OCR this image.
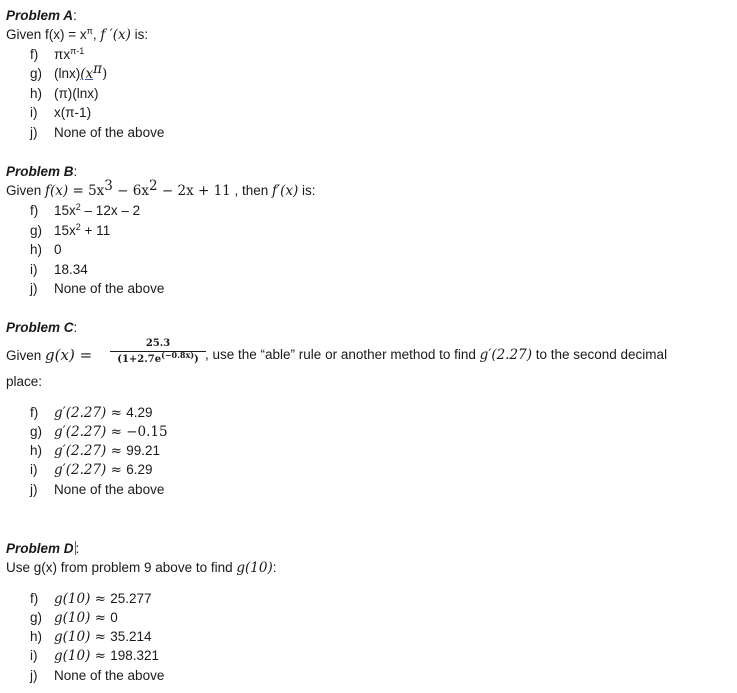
Problem A:
Given $f(x) = x^\pi$, f ′(x) is:
f) $\pi x^{\pi-1}$
g) $(\ln x)(x^\pi)$
h) (π)(lnx)
i) x(π-1)
j) None of the above
Problem B:
Given $f(x) = 5x^3 - 6x^2 - 2x + 11$ , then f′(x) is:
f) $15x^2 - 12x - 2$
g) $15x^2 + 11$
h) 0
i) 18.34
j) None of the above
Problem C:
Given g(x) =
25.3
$(1+2.7e^{(-0.8x)})$ , use the “able” rule or another method to find g′(2.27) to the second decimal
place:
f) g′(2.27) ≈ 4.29
g) g′(2.27) ≈ −0.15
h) g′(2.27) ≈ 99.21
i) g′(2.27) ≈ 6.29
j) None of the above
Problem D :
Use g(x) from problem 9 above to find g(10):
f) g(10) ≈ 25.277
g) g(10) ≈ 0
h) g(10) ≈ 35.214
i) g(10) ≈ 198.321
j) None of the above
